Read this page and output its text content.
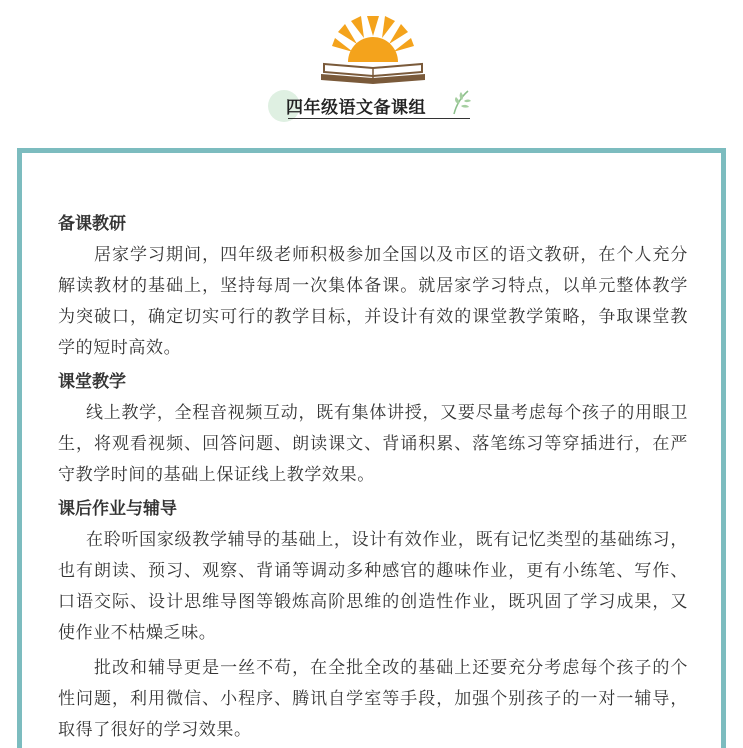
四年级语文备课组

备课教研

居家学习期间，四年级老师积极参加全国以及市区的语文教研，在个人充分解读教材的基础上，坚持每周一次集体备课。就居家学习特点，以单元整体教学为突破口，确定切实可行的教学目标，并设计有效的课堂教学策略，争取课堂教学的短时高效。

课堂教学

线上教学，全程音视频互动，既有集体讲授，又要尽量考虑每个孩子的用眼卫生，将观看视频、回答问题、朗读课文、背诵积累、落笔练习等穿插进行，在严守教学时间的基础上保证线上教学效果。

课后作业与辅导

在聆听国家级教学辅导的基础上，设计有效作业，既有记忆类型的基础练习，也有朗读、预习、观察、背诵等调动多种感官的趣味作业，更有小练笔、写作、口语交际、设计思维导图等锻炼高阶思维的创造性作业，既巩固了学习成果，又使作业不枯燥乏味。

批改和辅导更是一丝不苟，在全批全改的基础上还要充分考虑每个孩子的个性问题，利用微信、小程序、腾讯自学室等手段，加强个别孩子的一对一辅导，取得了很好的学习效果。
